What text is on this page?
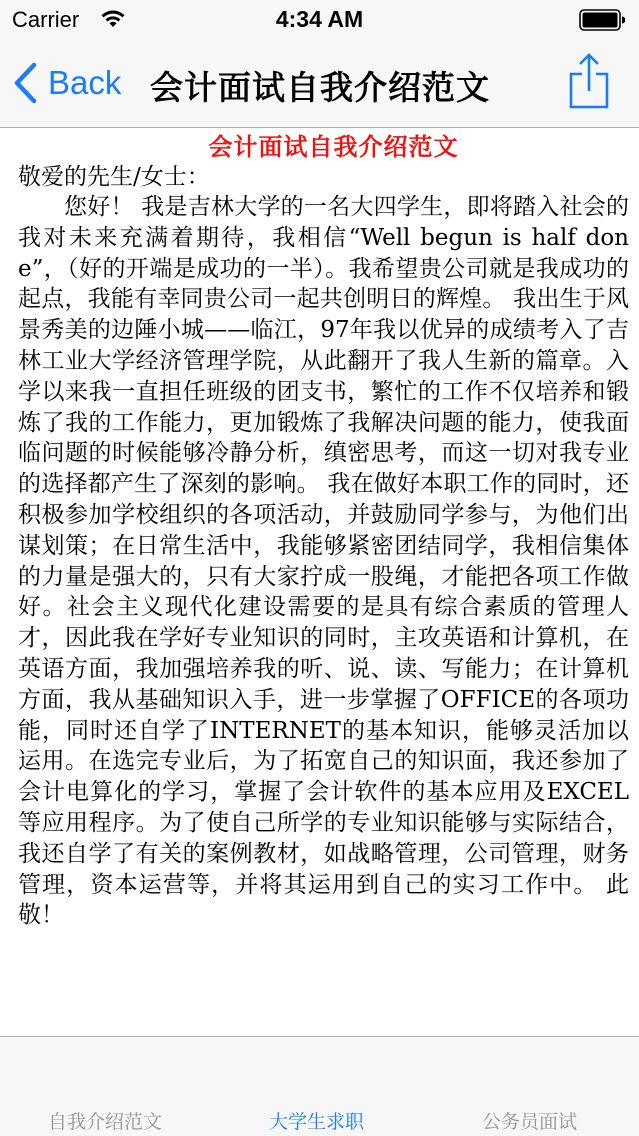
Carrier	4:34 AM
Back 会计面试自我介绍范文
会计面试自我介绍范文
敬爱的先生/女士：

您好！ 我是吉林大学的一名大四学生，即将踏入社会的我对未来充满着期待，我相信“Well begun is half done”，（好的开端是成功的一半）。我希望贵公司就是我成功的起点，我能有幸同贵公司一起共创明日的辉煌。 我出生于风景秀美的边陲小城——临江，97年我以优异的成绩考入了吉林工业大学经济管理学院，从此翻开了我人生新的篇章。入学以来我一直担任班级的团支书，繁忙的工作不仅培养和锻炼了我的工作能力，更加锻炼了我解决问题的能力，使我面临问题的时候能够冷静分析，缜密思考，而这一切对我专业的选择都产生了深刻的影响。 我在做好本职工作的同时，还积极参加学校组织的各项活动，并鼓励同学参与，为他们出谋划策；在日常生活中，我能够紧密团结同学，我相信集体的力量是强大的，只有大家拧成一股绳，才能把各项工作做好。社会主义现代化建设需要的是具有综合素质的管理人才，因此我在学好专业知识的同时，主攻英语和计算机，在英语方面，我加强培养我的听、说、读、写能力；在计算机方面，我从基础知识入手，进一步掌握了OFFICE的各项功能，同时还自学了INTERNET的基本知识，能够灵活加以运用。在选完专业后，为了拓宽自己的知识面，我还参加了会计电算化的学习，掌握了会计软件的基本应用及EXCEL等应用程序。为了使自己所学的专业知识能够与实际结合，我还自学了有关的案例教材，如战略管理，公司管理，财务管理，资本运营等，并将其运用到自己的实习工作中。 此敬！

自我介绍范文	大学生求职	公务员面试
